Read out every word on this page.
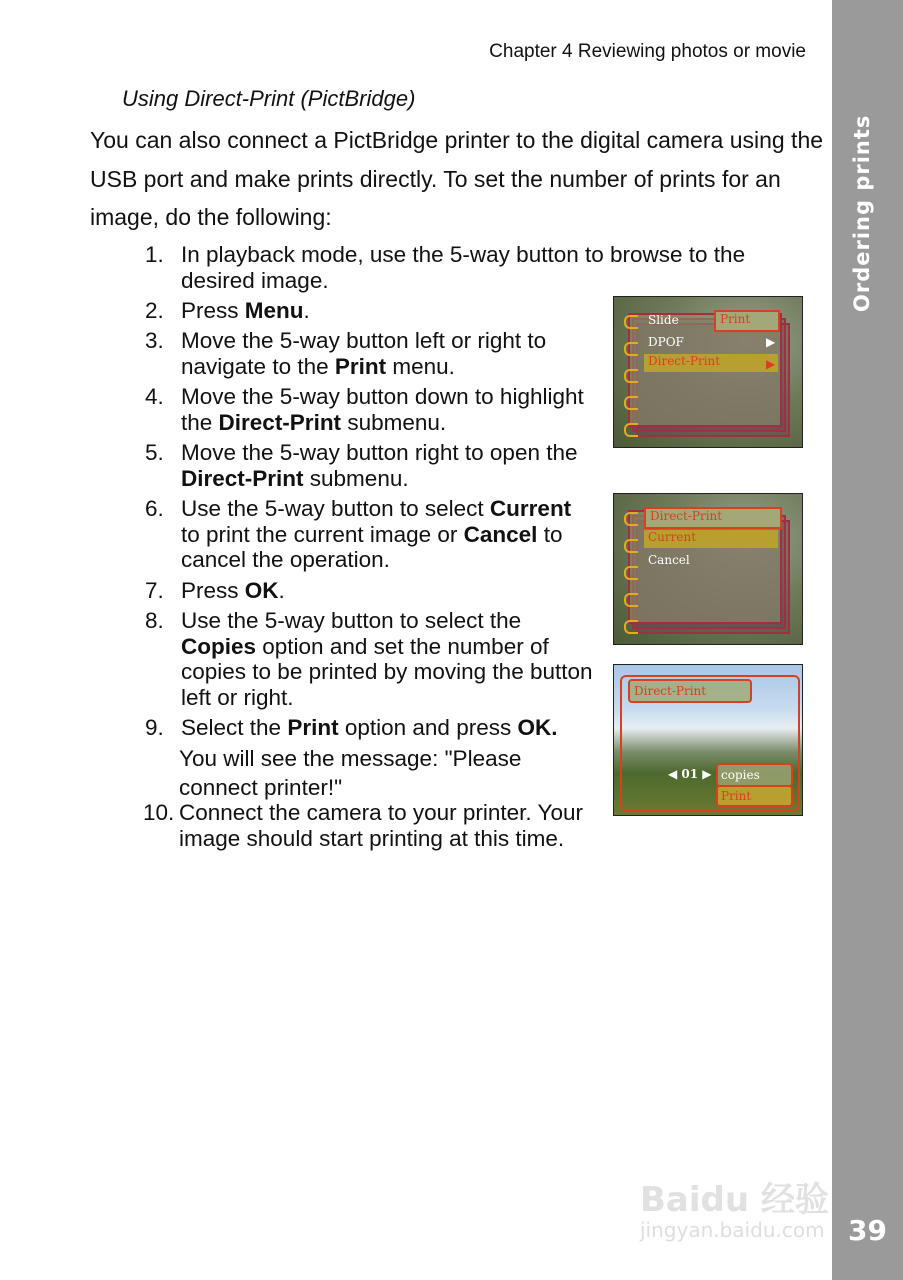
Ordering prints
39
Chapter 4 Reviewing photos or movie
Using Direct-Print (PictBridge)
You can also connect a PictBridge printer to the digital camera using the USB port and make prints directly. To set the number of prints for an image, do the following:
1. In playback mode, use the 5-way button to browse to the desired image.
2. Press Menu.
3. Move the 5-way button left or right to navigate to the Print menu.
4. Move the 5-way button down to highlight the Direct-Print submenu.
5. Move the 5-way button right to open the Direct-Print submenu.
6. Use the 5-way button to select Current to print the current image or Cancel to cancel the operation.
7. Press OK.
8. Use the 5-way button to select the Copies option and set the number of copies to be printed by moving the button left or right.
9. Select the Print option and press OK.
10. Connect the camera to your printer. Your image should start printing at this time.
You will see the message: "Please connect printer!"
Slide	Print
DPOF	▶
Direct-Print	▶
Direct-Print
Current
Cancel
Direct-Print
◀ 01 ▶ copies
Print
Baidu 经验
jingyan.baidu.com
